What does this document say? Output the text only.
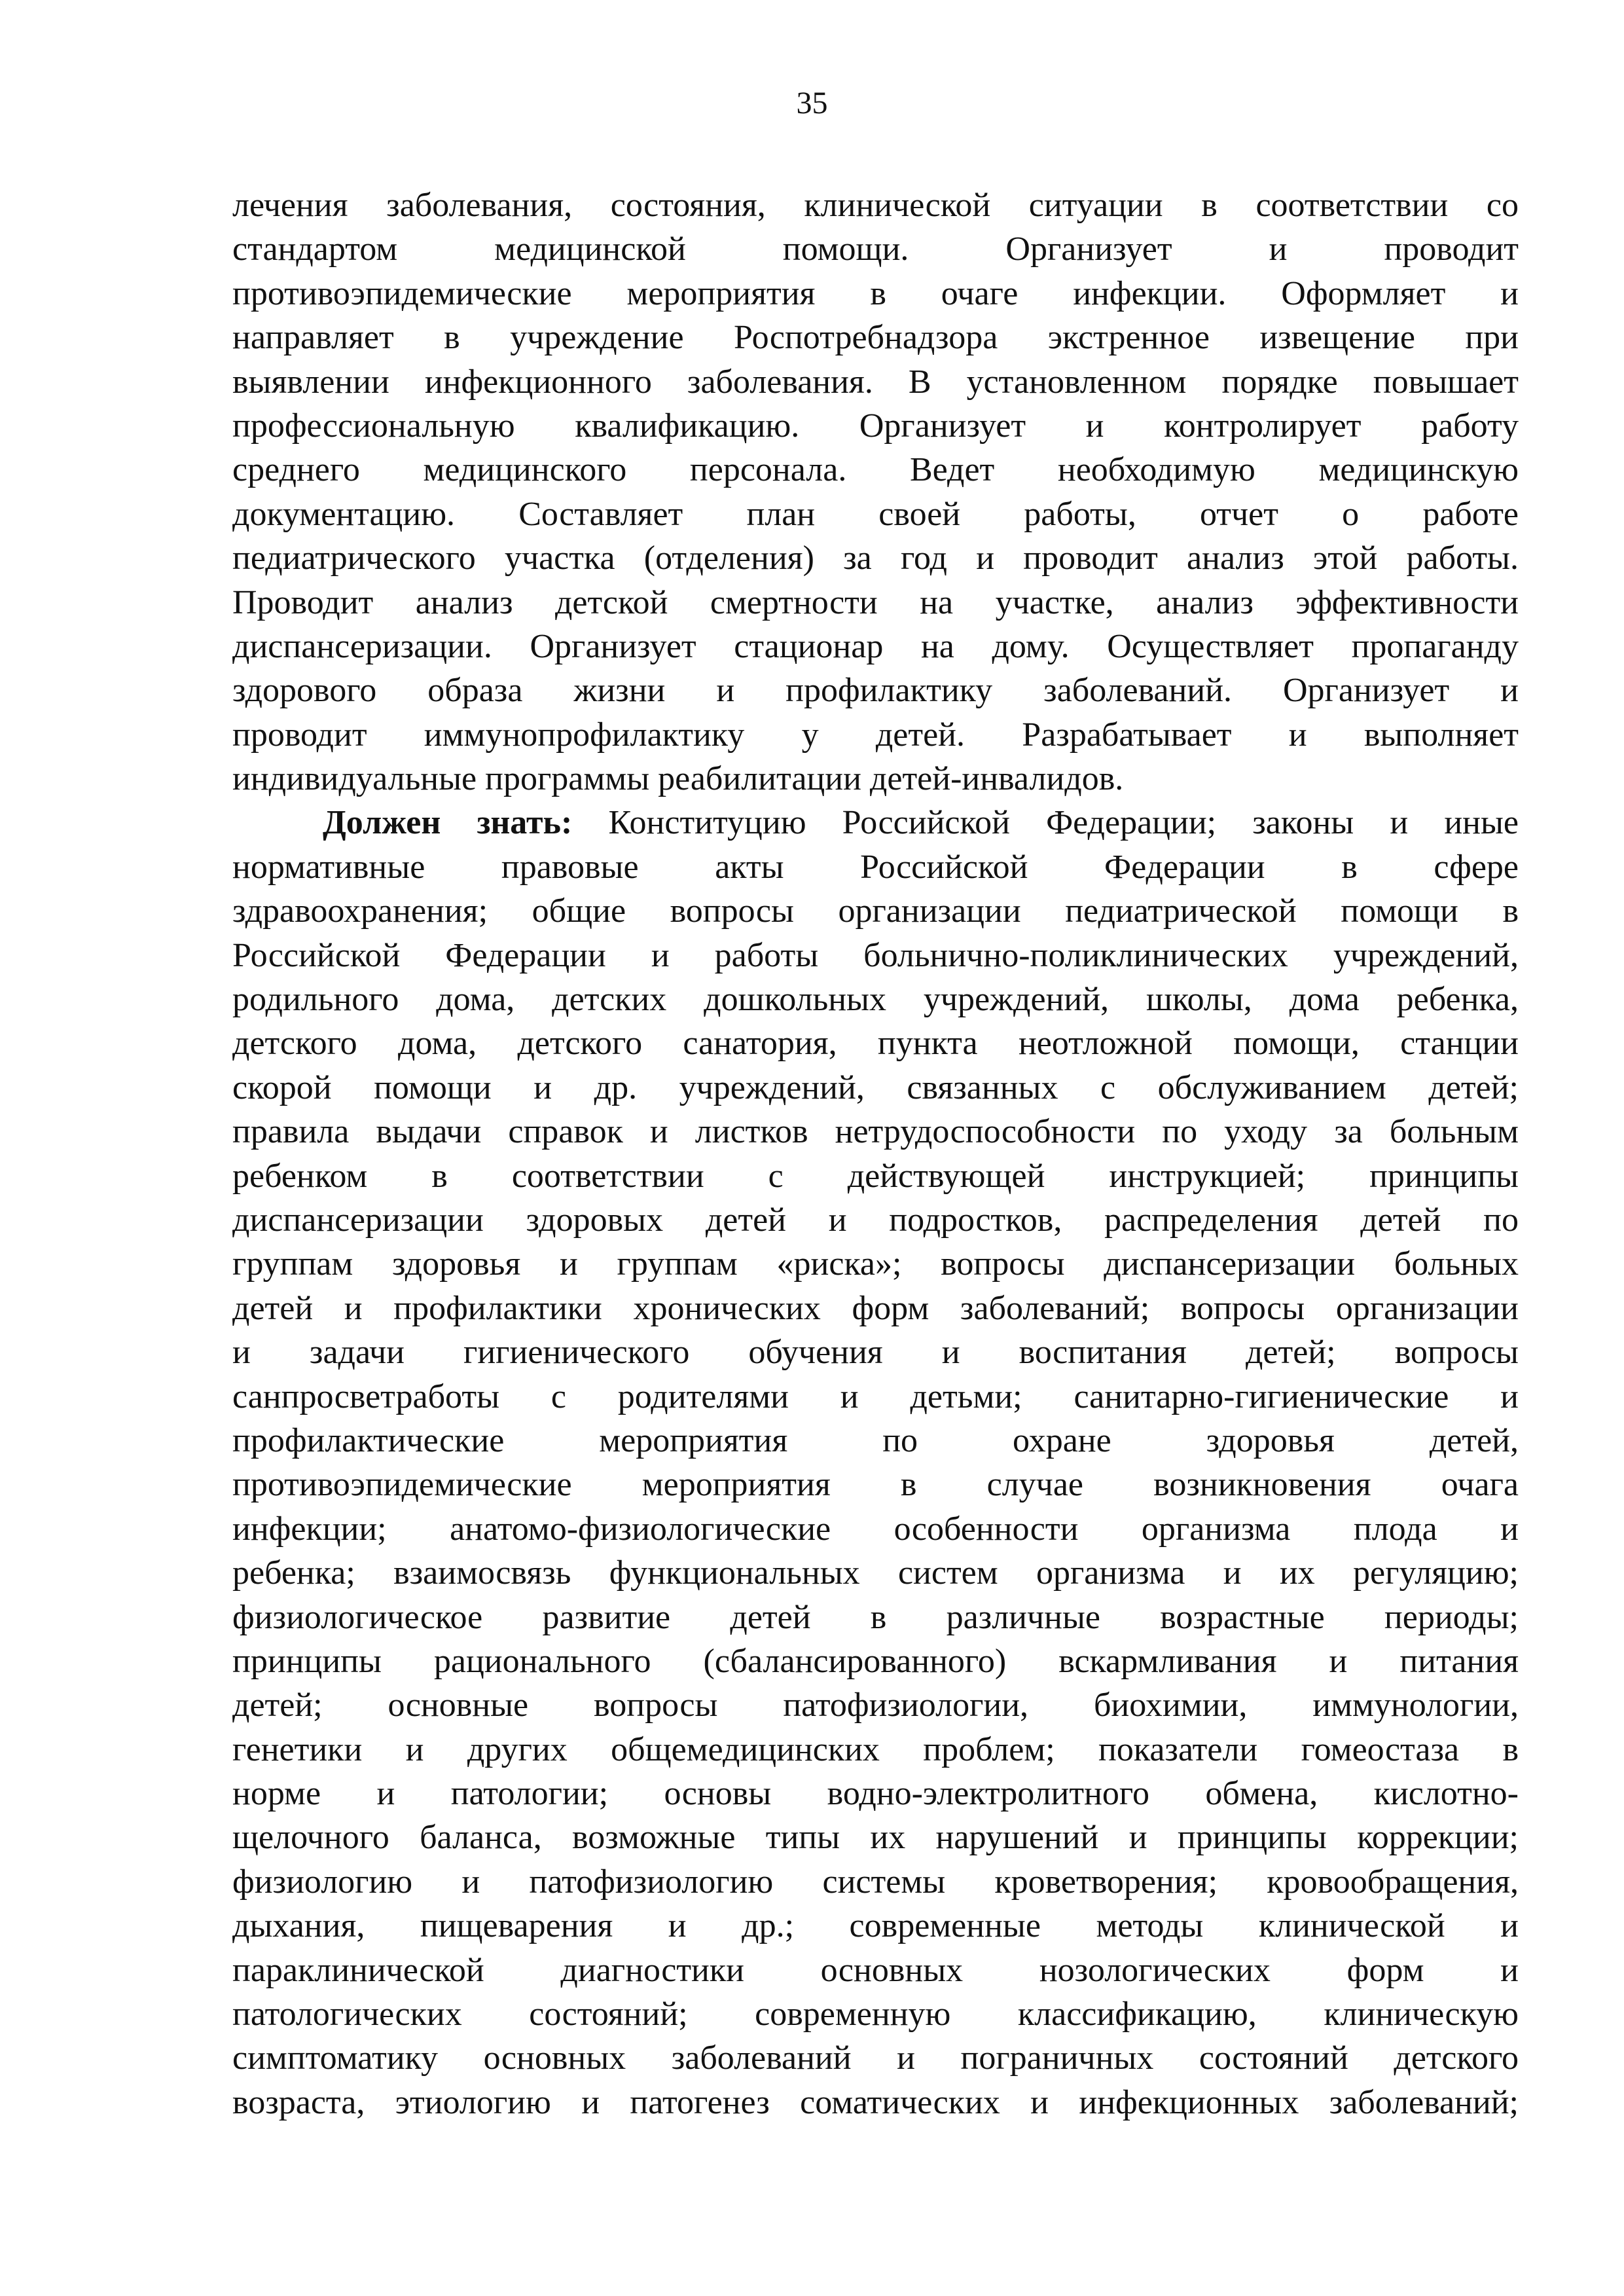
35
лечения заболевания, состояния, клинической ситуации в соответствии со
стандартом медицинской помощи. Организует и проводит
противоэпидемические мероприятия в очаге инфекции. Оформляет и
направляет в учреждение Роспотребнадзора экстренное извещение при
выявлении инфекционного заболевания. В установленном порядке повышает
профессиональную квалификацию. Организует и контролирует работу
среднего медицинского персонала. Ведет необходимую медицинскую
документацию. Составляет план своей работы, отчет о работе
педиатрического участка (отделения) за год и проводит анализ этой работы.
Проводит анализ детской смертности на участке, анализ эффективности
диспансеризации. Организует стационар на дому. Осуществляет пропаганду
здорового образа жизни и профилактику заболеваний. Организует и
проводит иммунопрофилактику у детей. Разрабатывает и выполняет
индивидуальные программы реабилитации детей-инвалидов.
Должен знать: Конституцию Российской Федерации; законы и иные
нормативные правовые акты Российской Федерации в сфере
здравоохранения; общие вопросы организации педиатрической помощи в
Российской Федерации и работы больнично-поликлинических учреждений,
родильного дома, детских дошкольных учреждений, школы, дома ребенка,
детского дома, детского санатория, пункта неотложной помощи, станции
скорой помощи и др. учреждений, связанных с обслуживанием детей;
правила выдачи справок и листков нетрудоспособности по уходу за больным
ребенком в соответствии с действующей инструкцией; принципы
диспансеризации здоровых детей и подростков, распределения детей по
группам здоровья и группам «риска»; вопросы диспансеризации больных
детей и профилактики хронических форм заболеваний; вопросы организации
и задачи гигиенического обучения и воспитания детей; вопросы
санпросветработы с родителями и детьми; санитарно-гигиенические и
профилактические мероприятия по охране здоровья детей,
противоэпидемические мероприятия в случае возникновения очага
инфекции; анатомо-физиологические особенности организма плода и
ребенка; взаимосвязь функциональных систем организма и их регуляцию;
физиологическое развитие детей в различные возрастные периоды;
принципы рационального (сбалансированного) вскармливания и питания
детей; основные вопросы патофизиологии, биохимии, иммунологии,
генетики и других общемедицинских проблем; показатели гомеостаза в
норме и патологии; основы водно-электролитного обмена, кислотно-
щелочного баланса, возможные типы их нарушений и принципы коррекции;
физиологию и патофизиологию системы кроветворения; кровообращения,
дыхания, пищеварения и др.; современные методы клинической и
параклинической диагностики основных нозологических форм и
патологических состояний; современную классификацию, клиническую
симптоматику основных заболеваний и пограничных состояний детского
возраста, этиологию и патогенез соматических и инфекционных заболеваний;
